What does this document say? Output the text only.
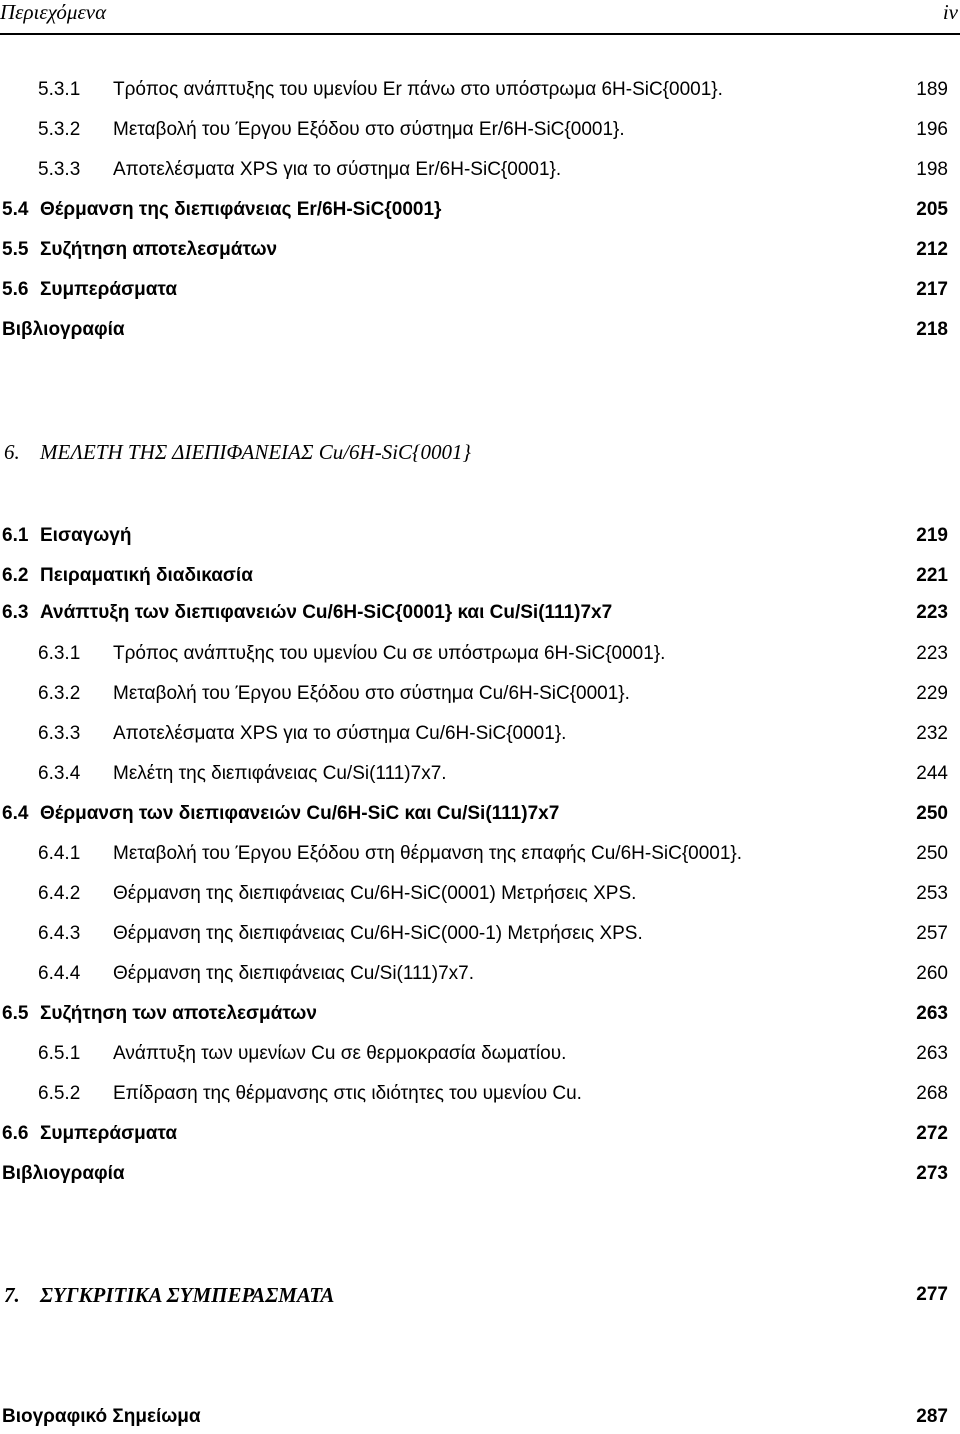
Περιεχόμενα	iv
5.3.1 Τρόπος ανάπτυξης του υμενίου Er πάνω στο υπόστρωμα 6H-SiC{0001}.	189
5.3.2 Μεταβολή του Έργου Εξόδου στο σύστημα Er/6H-SiC{0001}.	196
5.3.3 Αποτελέσματα XPS για το σύστημα Er/6H-SiC{0001}.	198
5.4 Θέρμανση της διεπιφάνειας Er/6H-SiC{0001}	205
5.5 Συζήτηση αποτελεσμάτων	212
5.6 Συμπεράσματα	217
Βιβλιογραφία	218
6. ΜΕΛΕΤΗ ΤΗΣ ΔΙΕΠΙΦΑΝΕΙΑΣ Cu/6H-SiC{0001}
6.1 Εισαγωγή	219
6.2 Πειραματική διαδικασία	221
6.3 Ανάπτυξη των διεπιφανειών Cu/6H-SiC{0001} και Cu/Si(111)7x7	223
6.3.1 Τρόπος ανάπτυξης του υμενίου Cu σε υπόστρωμα 6H-SiC{0001}.	223
6.3.2 Μεταβολή του Έργου Εξόδου στο σύστημα Cu/6H-SiC{0001}.	229
6.3.3 Αποτελέσματα XPS για το σύστημα Cu/6H-SiC{0001}.	232
6.3.4 Μελέτη της διεπιφάνειας Cu/Si(111)7x7.	244
6.4 Θέρμανση των διεπιφανειών Cu/6H-SiC και Cu/Si(111)7x7	250
6.4.1 Μεταβολή του Έργου Εξόδου στη θέρμανση της επαφής Cu/6H-SiC{0001}.	250
6.4.2 Θέρμανση της διεπιφάνειας Cu/6H-SiC(0001) Μετρήσεις XPS.	253
6.4.3 Θέρμανση της διεπιφάνειας Cu/6H-SiC(000-1) Μετρήσεις XPS.	257
6.4.4 Θέρμανση της διεπιφάνειας Cu/Si(111)7x7.	260
6.5 Συζήτηση των αποτελεσμάτων	263
6.5.1 Ανάπτυξη των υμενίων Cu σε θερμοκρασία δωματίου.	263
6.5.2 Επίδραση της θέρμανσης στις ιδιότητες του υμενίου Cu.	268
6.6 Συμπεράσματα	272
Βιβλιογραφία	273
7. ΣΥΓΚΡΙΤΙΚΑ ΣΥΜΠΕΡΑΣΜΑΤΑ	277
Βιογραφικό Σημείωμα	287
